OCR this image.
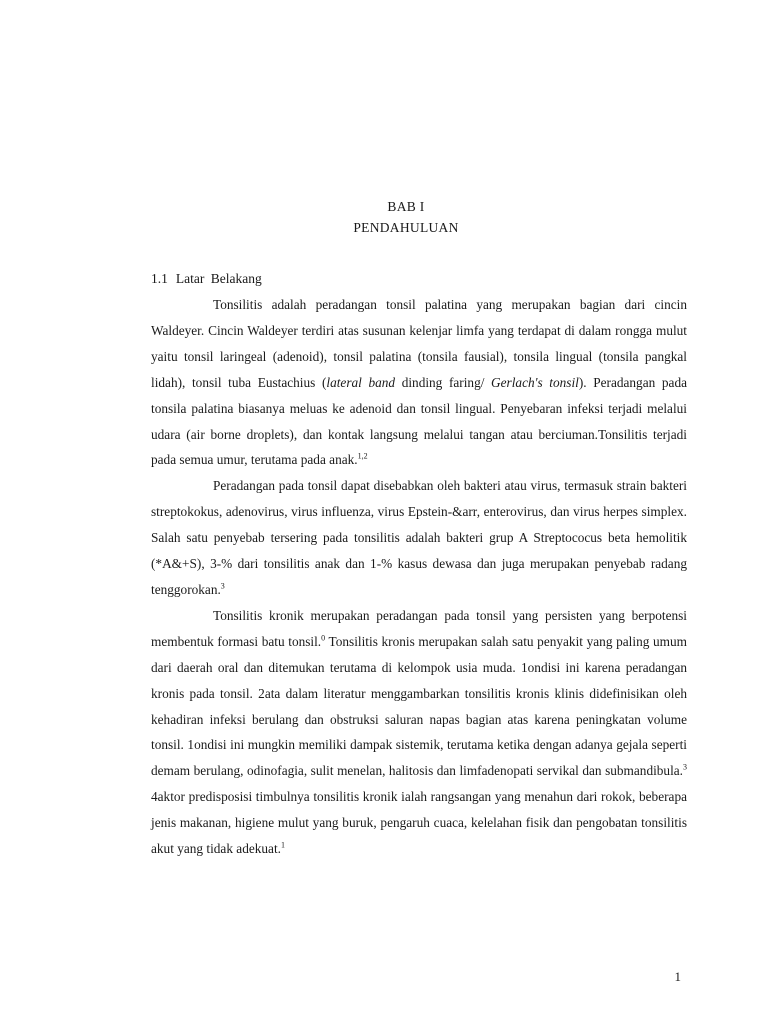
BAB I
PENDAHULUAN
1.1 Latar Belakang

Tonsilitis adalah peradangan tonsil palatina yang merupakan bagian dari cincin Waldeyer. Cincin Waldeyer terdiri atas susunan kelenjar limfa yang terdapat di dalam rongga mulut yaitu tonsil laringeal (adenoid), tonsil palatina (tonsila fausial), tonsila lingual (tonsila pangkal lidah), tonsil tuba Eustachius (lateral band dinding faring/ Gerlach's tonsil). Peradangan pada tonsila palatina biasanya meluas ke adenoid dan tonsil lingual. Penyebaran infeksi terjadi melalui udara (air borne droplets), dan kontak langsung melalui tangan atau berciuman.Tonsilitis terjadi pada semua umur, terutama pada anak.$^{1,2}$

Peradangan pada tonsil dapat disebabkan oleh bakteri atau virus, termasuk strain bakteri streptokokus, adenovirus, virus influenza, virus Epstein-&arr, enterovirus, dan virus herpes simplex. Salah satu penyebab tersering pada tonsilitis adalah bakteri grup A Streptococus beta hemolitik (*A&+S), 3-% dari tonsilitis anak dan 1-% kasus dewasa dan juga merupakan penyebab radang tenggorokan.$^3$

Tonsilitis kronik merupakan peradangan pada tonsil yang persisten yang berpotensi membentuk formasi batu tonsil.$^0$ Tonsilitis kronis merupakan salah satu penyakit yang paling umum dari daerah oral dan ditemukan terutama di kelompok usia muda. 1ondisi ini karena peradangan kronis pada tonsil. 2ata dalam literatur menggambarkan tonsilitis kronis klinis didefinisikan oleh kehadiran infeksi berulang dan obstruksi saluran napas bagian atas karena peningkatan volume tonsil. 1ondisi ini mungkin memiliki dampak sistemik, terutama ketika dengan adanya gejala seperti demam berulang, odinofagia, sulit menelan, halitosis dan limfadenopati servikal dan submandibula.$^3$ 4aktor predisposisi timbulnya tonsilitis kronik ialah rangsangan yang menahun dari rokok, beberapa jenis makanan, higiene mulut yang buruk, pengaruh cuaca, kelelahan fisik dan pengobatan tonsilitis akut yang tidak adekuat.$^1$

1
